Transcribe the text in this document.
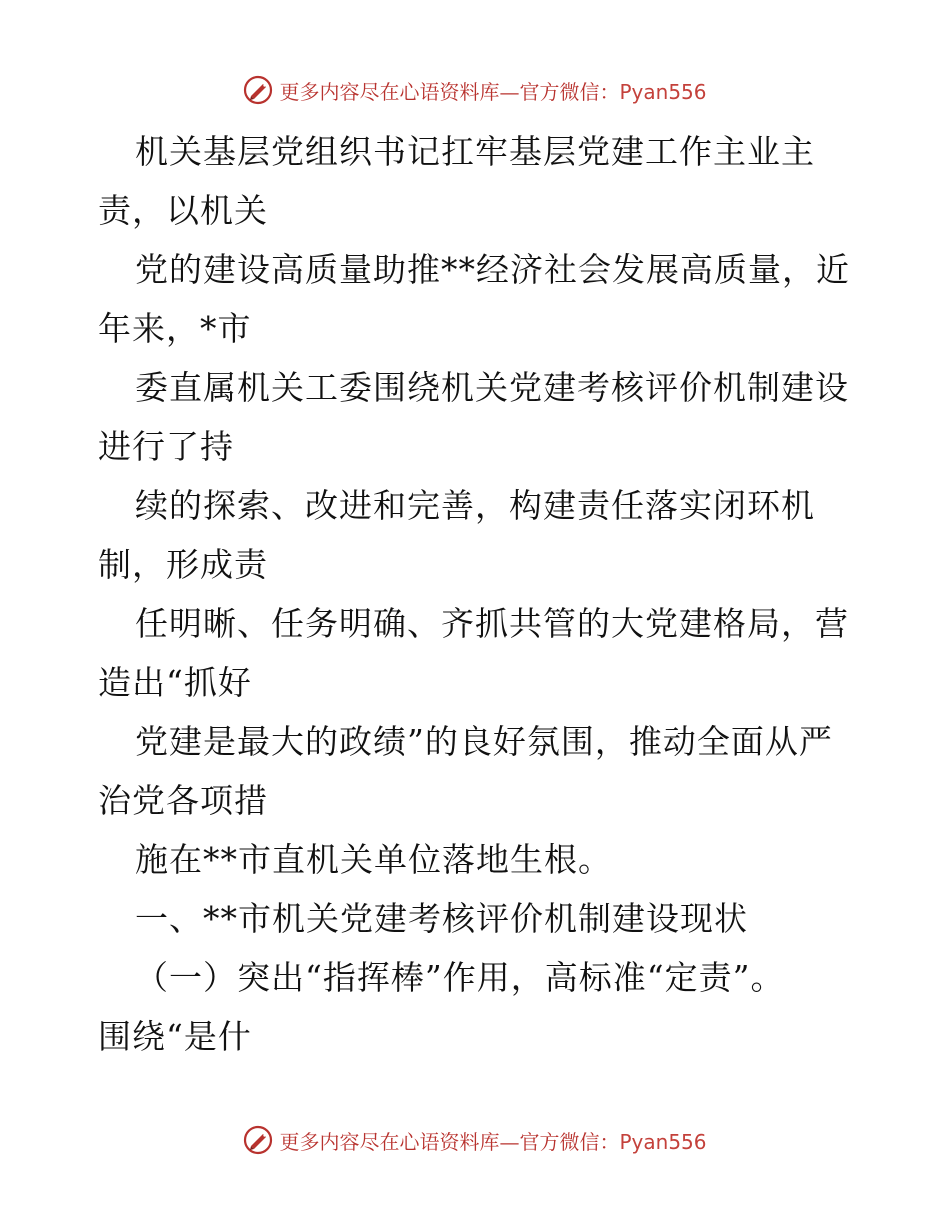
更多内容尽在心语资料库—官方微信：Pyan556
机关基层党组织书记扛牢基层党建工作主业主
责，以机关
党的建设高质量助推**经济社会发展高质量，近
年来，*市
委直属机关工委围绕机关党建考核评价机制建设
进行了持
续的探索、改进和完善，构建责任落实闭环机
制，形成责
任明晰、任务明确、齐抓共管的大党建格局，营
造出“抓好
党建是最大的政绩”的良好氛围，推动全面从严
治党各项措
施在**市直机关单位落地生根。
一、**市机关党建考核评价机制建设现状
（一）突出“指挥棒”作用，高标准“定责”。
围绕“是什
更多内容尽在心语资料库—官方微信：Pyan556
